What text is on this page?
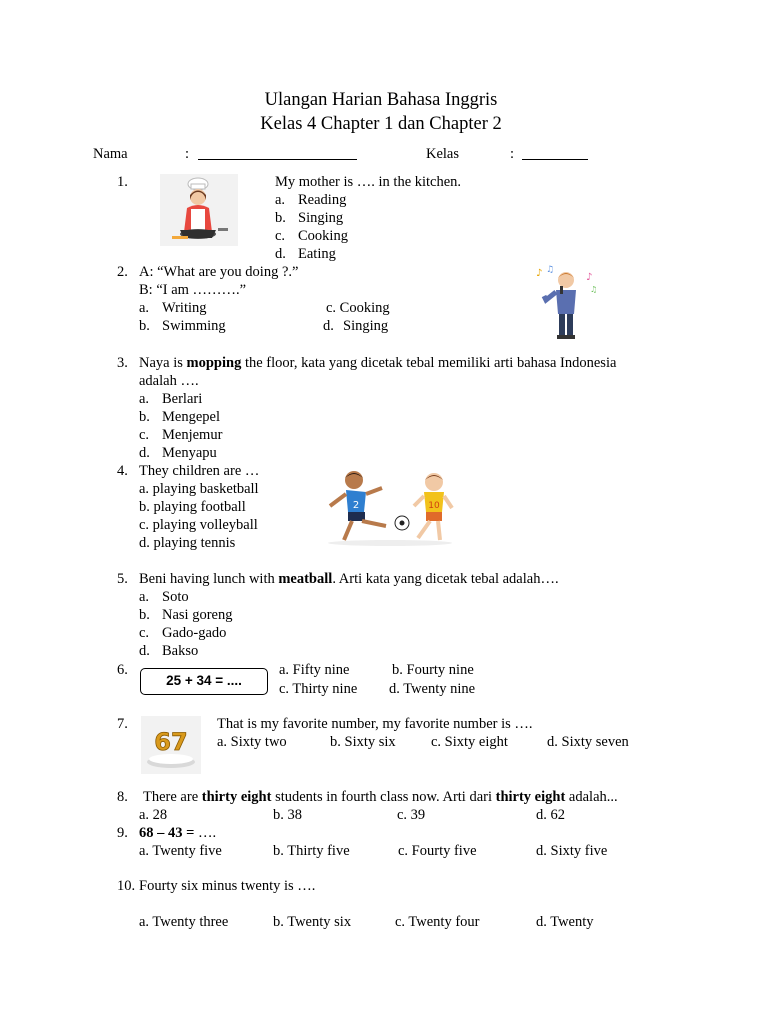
Ulangan Harian Bahasa Inggris
Kelas 4 Chapter 1 dan Chapter 2
Nama	:	Kelas	:
1.	My mother is …. in the kitchen.
a. Reading
b. Singing
c. Cooking
d. Eating
2. A: “What are you doing ?.”
B: “I am ……….”
a. Writing	c. Cooking
b. Swimming	d. Singing
♪ ♫
♪
♫
3. Naya is mopping the floor, kata yang dicetak tebal memiliki arti bahasa Indonesia
adalah ….
a. Berlari
b. Mengepel
c. Menjemur
d. Menyapu
4. They children are …
a. playing basketball
b. playing football
c. playing volleyball
d. playing tennis
2	10
5. Beni having lunch with meatball. Arti kata yang dicetak tebal adalah….
a. Soto
b. Nasi goreng
c. Gado-gado
d. Bakso
6.
25 + 34 = ....
a. Fifty nine	b. Fourty nine
c. Thirty nine d. Twenty nine
7.
67
That is my favorite number, my favorite number is ….
a. Sixty two	b. Sixty six c. Sixty eight	d. Sixty seven
8. There are thirty eight students in fourth class now. Arti dari thirty eight adalah...
a. 28	b. 38	c. 39	d. 62
9. 68 – 43 = ….
a. Twenty five	b. Thirty five	c. Fourty five	d. Sixty five
10. Fourty six minus twenty is ….
a. Twenty three	b. Twenty six	c. Twenty four	d. Twenty
